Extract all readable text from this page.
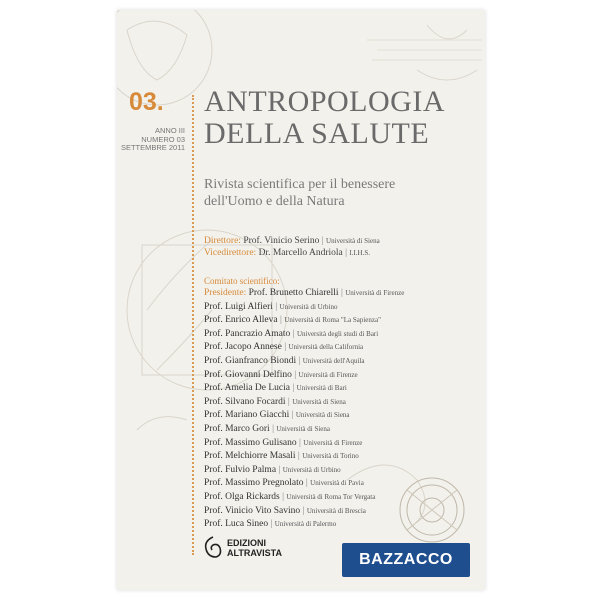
03.
ANNO III
NUMERO 03
SETTEMBRE 2011
ANTROPOLOGIA
DELLA SALUTE
Rivista scientifica per il benessere
dell'Uomo e della Natura
Direttore: Prof. Vinicio Serino | Università di Siena
Vicedirettore: Dr. Marcello Andriola | I.I.H.S.
Comitato scientifico:
Presidente: Prof. Brunetto Chiarelli | Università di Firenze
Prof. Luigi Alfieri | Università di Urbino
Prof. Enrico Alleva | Università di Roma "La Sapienza"
Prof. Pancrazio Amato | Università degli studi di Bari
Prof. Jacopo Annese | Università della California
Prof. Gianfranco Biondi | Università dell'Aquila
Prof. Giovanni Delfino | Università di Firenze
Prof. Amelia De Lucia | Università di Bari
Prof. Silvano Focardi | Università di Siena
Prof. Mariano Giacchi | Università di Siena
Prof. Marco Gori | Università di Siena
Prof. Massimo Gulisano | Università di Firenze
Prof. Melchiorre Masali | Università di Torino
Prof. Fulvio Palma | Università di Urbino
Prof. Massimo Pregnolato | Università di Pavia
Prof. Olga Rickards | Università di Roma Tor Vergata
Prof. Vinicio Vito Savino | Università di Brescia
Prof. Luca Sineo | Università di Palermo
EDIZIONI
ALTRAVISTA	BAZZACCO
